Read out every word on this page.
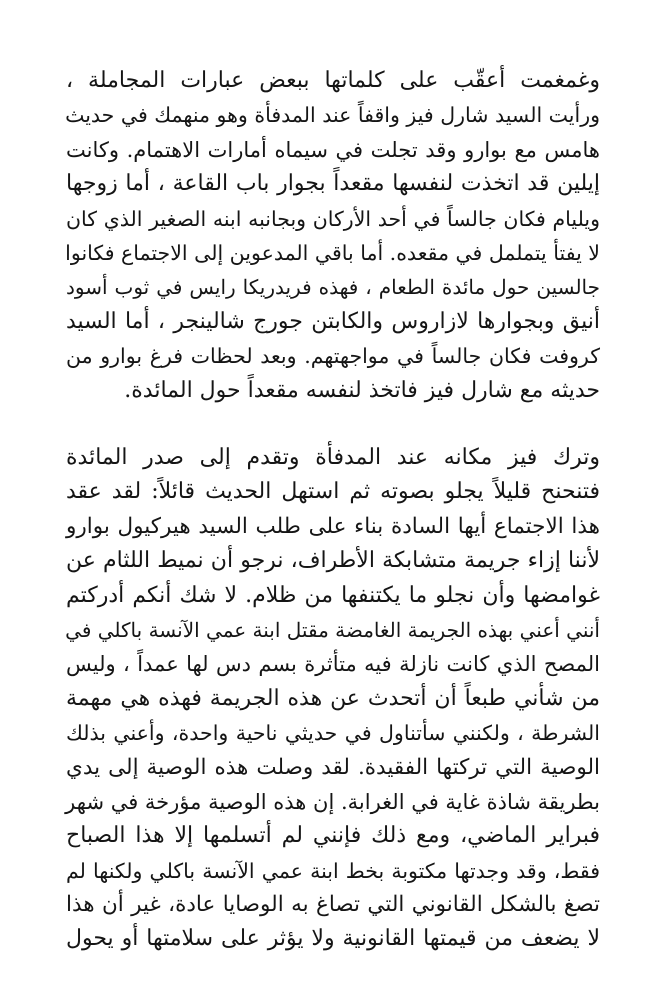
وغمغمت أعقّب على كلماتها ببعض عبارات المجاملة ،
ورأيت السيد شارل فيز واقفاً عند المدفأة وهو منهمك في حديث
هامس مع بوارو وقد تجلت في سيماه أمارات الاهتمام. وكانت
إيلين قد اتخذت لنفسها مقعداً بجوار باب القاعة ، أما زوجها
ويليام فكان جالساً في أحد الأركان وبجانبه ابنه الصغير الذي كان
لا يفتأ يتململ في مقعده. أما باقي المدعوين إلى الاجتماع فكانوا
جالسين حول مائدة الطعام ، فهذه فريدريكا رايس في ثوب أسود
أنيق وبجوارها لازاروس والكابتن جورج شالينجر ، أما السيد
كروفت فكان جالساً في مواجهتهم. وبعد لحظات فرغ بوارو من
حديثه مع شارل فيز فاتخذ لنفسه مقعداً حول المائدة.
وترك فيز مكانه عند المدفأة وتقدم إلى صدر المائدة
فتنحنح قليلاً يجلو بصوته ثم استهل الحديث قائلاً: لقد عقد
هذا الاجتماع أيها السادة بناء على طلب السيد هيركيول بوارو
لأننا إزاء جريمة متشابكة الأطراف، نرجو أن نميط اللثام عن
غوامضها وأن نجلو ما يكتنفها من ظلام. لا شك أنكم أدركتم
أنني أعني بهذه الجريمة الغامضة مقتل ابنة عمي الآنسة باكلي في
المصح الذي كانت نازلة فيه متأثرة بسم دس لها عمداً ، وليس
من شأني طبعاً أن أتحدث عن هذه الجريمة فهذه هي مهمة
الشرطة ، ولكنني سأتناول في حديثي ناحية واحدة، وأعني بذلك
الوصية التي تركتها الفقيدة. لقد وصلت هذه الوصية إلى يدي
بطريقة شاذة غاية في الغرابة. إن هذه الوصية مؤرخة في شهر
فبراير الماضي، ومع ذلك فإنني لم أتسلمها إلا هذا الصباح
فقط، وقد وجدتها مكتوبة بخط ابنة عمي الآنسة باكلي ولكنها لم
تصغ بالشكل القانوني التي تصاغ به الوصايا عادة، غير أن هذا
لا يضعف من قيمتها القانونية ولا يؤثر على سلامتها أو يحول
